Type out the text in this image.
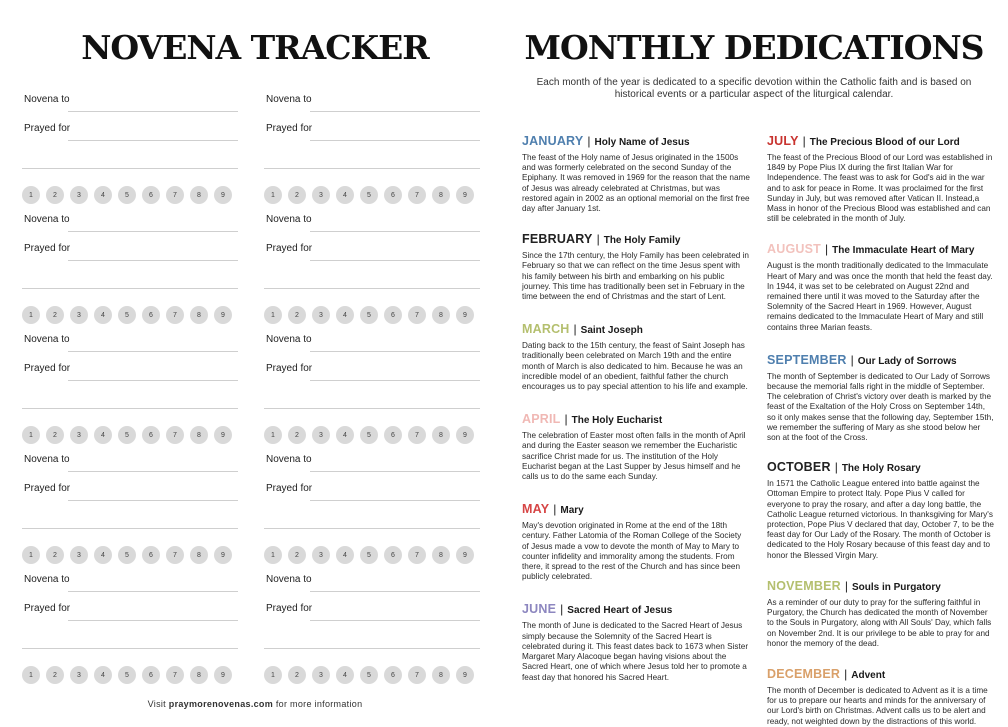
NOVENA TRACKER
Novena to
Prayed for
1	2	3	4	5	6	7	8	9
Novena to
Prayed for
1	2	3	4	5	6	7	8	9
Novena to
Prayed for
1	2	3	4	5	6	7	8	9
Novena to
Prayed for
1	2	3	4	5	6	7	8	9
Novena to
Prayed for
1	2	3	4	5	6	7	8	9
Novena to
Prayed for
1	2	3	4	5	6	7	8	9
Novena to
Prayed for
1	2	3	4	5	6	7	8	9
Novena to
Prayed for
1	2	3	4	5	6	7	8	9
Novena to
Prayed for
1	2	3	4	5	6	7	8	9
Novena to
Prayed for
1	2	3	4	5	6	7	8	9
Visit praymorenovenas.com for more information
MONTHLY DEDICATIONS

Each month of the year is dedicated to a specific devotion within the Catholic faith and is based on historical events or a particular aspect of the liturgical calendar.

JANUARY | Holy Name of Jesus

The feast of the Holy name of Jesus originated in the 1500s and was formerly celebrated on the second Sunday of the Epiphany. It was removed in 1969 for the reason that the name of Jesus was already celebrated at Christmas, but was restored again in 2002 as an optional memorial on the first free day after January 1st.

FEBRUARY | The Holy Family

Since the 17th century, the Holy Family has been celebrated in February so that we can reflect on the time Jesus spent with his family between his birth and embarking on his public journey. This time has traditionally been set in February in the time between the end of Christmas and the start of Lent.

MARCH | Saint Joseph

Dating back to the 15th century, the feast of Saint Joseph has traditionally been celebrated on March 19th and the entire month of March is also dedicated to him. Because he was an incredible model of an obedient, faithful father the church encourages us to pay special attention to his life and example.

APRIL | The Holy Eucharist

The celebration of Easter most often falls in the month of April and during the Easter season we remember the Eucharistic sacrifice Christ made for us. The institution of the Holy Eucharist began at the Last Supper by Jesus himself and he calls us to do the same each Sunday.

MAY | Mary

May's devotion originated in Rome at the end of the 18th century. Father Latomia of the Roman College of the Society of Jesus made a vow to devote the month of May to Mary to counter infidelity and immorality among the students. From there, it spread to the rest of the Church and has since been publicly celebrated.

JUNE | Sacred Heart of Jesus

The month of June is dedicated to the Sacred Heart of Jesus simply because the Solemnity of the Sacred Heart is celebrated during it. This feast dates back to 1673 when Sister Margaret Mary Alacoque began having visions about the Sacred Heart, one of which where Jesus told her to promote a feast day that honored his Sacred Heart.

JULY | The Precious Blood of our Lord

The feast of the Precious Blood of our Lord was established in 1849 by Pope Pius IX during the first Italian War for Independence. The feast was to ask for God's aid in the war and to ask for peace in Rome. It was proclaimed for the first Sunday in July, but was removed after Vatican II. Instead,a Mass in honor of the Precious Blood was established and can still be celebrated in the month of July.

AUGUST | The Immaculate Heart of Mary

August is the month traditionally dedicated to the Immaculate Heart of Mary and was once the month that held the feast day. In 1944, it was set to be celebrated on August 22nd and remained there until it was moved to the Saturday after the Solemnity of the Sacred Heart in 1969. However, August remains dedicated to the Immaculate Heart of Mary and still contains three Marian feasts.

SEPTEMBER | Our Lady of Sorrows

The month of September is dedicated to Our Lady of Sorrows because the memorial falls right in the middle of September. The celebration of Christ's victory over death is marked by the feast of the Exaltation of the Holy Cross on September 14th, so it only makes sense that the following day, September 15th, we remember the suffering of Mary as she stood below her son at the foot of the Cross.

OCTOBER | The Holy Rosary

In 1571 the Catholic League entered into battle against the Ottoman Empire to protect Italy. Pope Pius V called for everyone to pray the rosary, and after a day long battle, the Catholic League returned victorious. In thanksgiving for Mary's protection, Pope Pius V declared that day, October 7, to be the feast day for Our Lady of the Rosary. The month of October is dedicated to the Holy Rosary because of this feast day and to honor the Blessed Virgin Mary.

NOVEMBER | Souls in Purgatory

As a reminder of our duty to pray for the suffering faithful in Purgatory, the Church has dedicated the month of November to the Souls in Purgatory, along with All Souls' Day, which falls on November 2nd. It is our privilege to be able to pray for and honor the memory of the dead.

DECEMBER | Advent

The month of December is dedicated to Advent as it is a time for us to prepare our hearts and minds for the anniversary of our Lord's birth on Christmas. Advent calls us to be alert and ready, not weighted down by the distractions of this world.
